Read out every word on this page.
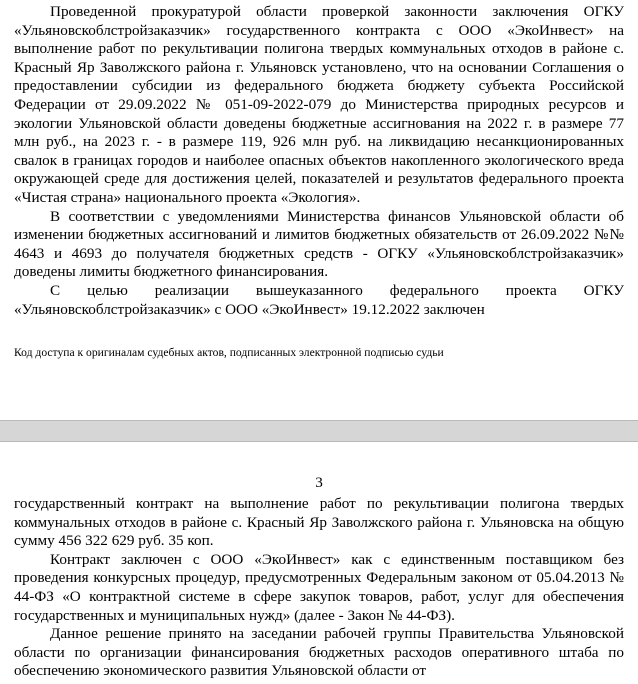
Проведенной прокуратурой области проверкой законности заключения ОГКУ «Ульяновскоблстройзаказчик» государственного контракта с ООО «ЭкоИнвест» на выполнение работ по рекультивации полигона твердых коммунальных отходов в районе с. Красный Яр Заволжского района г. Ульяновск установлено, что на основании Соглашения о предоставлении субсидии из федерального бюджета бюджету субъекта Российской Федерации от 29.09.2022 № 051-09-2022-079 до Министерства природных ресурсов и экологии Ульяновской области доведены бюджетные ассигнования на 2022 г. в размере 77 млн руб., на 2023 г. - в размере 119, 926 млн руб. на ликвидацию несанкционированных свалок в границах городов и наиболее опасных объектов накопленного экологического вреда окружающей среде для достижения целей, показателей и результатов федерального проекта «Чистая страна» национального проекта «Экология».

В соответствии с уведомлениями Министерства финансов Ульяновской области об изменении бюджетных ассигнований и лимитов бюджетных обязательств от 26.09.2022 №№ 4643 и 4693 до получателя бюджетных средств - ОГКУ «Ульяновскоблстройзаказчик» доведены лимиты бюджетного финансирования.

С целью реализации вышеуказанного федерального проекта ОГКУ «Ульяновскоблстройзаказчик» с ООО «ЭкоИнвест» 19.12.2022 заключен

Код доступа к оригиналам судебных актов, подписанных электронной подписью судьи
3

государственный контракт на выполнение работ по рекультивации полигона твердых коммунальных отходов в районе с. Красный Яр Заволжского района г. Ульяновска на общую сумму 456 322 629 руб. 35 коп.

Контракт заключен с ООО «ЭкоИнвест» как с единственным поставщиком без проведения конкурсных процедур, предусмотренных Федеральным законом от 05.04.2013 № 44-ФЗ «О контрактной системе в сфере закупок товаров, работ, услуг для обеспечения государственных и муниципальных нужд» (далее - Закон № 44-ФЗ).

Данное решение принято на заседании рабочей группы Правительства Ульяновской области по организации финансирования бюджетных расходов оперативного штаба по обеспечению экономического развития Ульяновской области от
